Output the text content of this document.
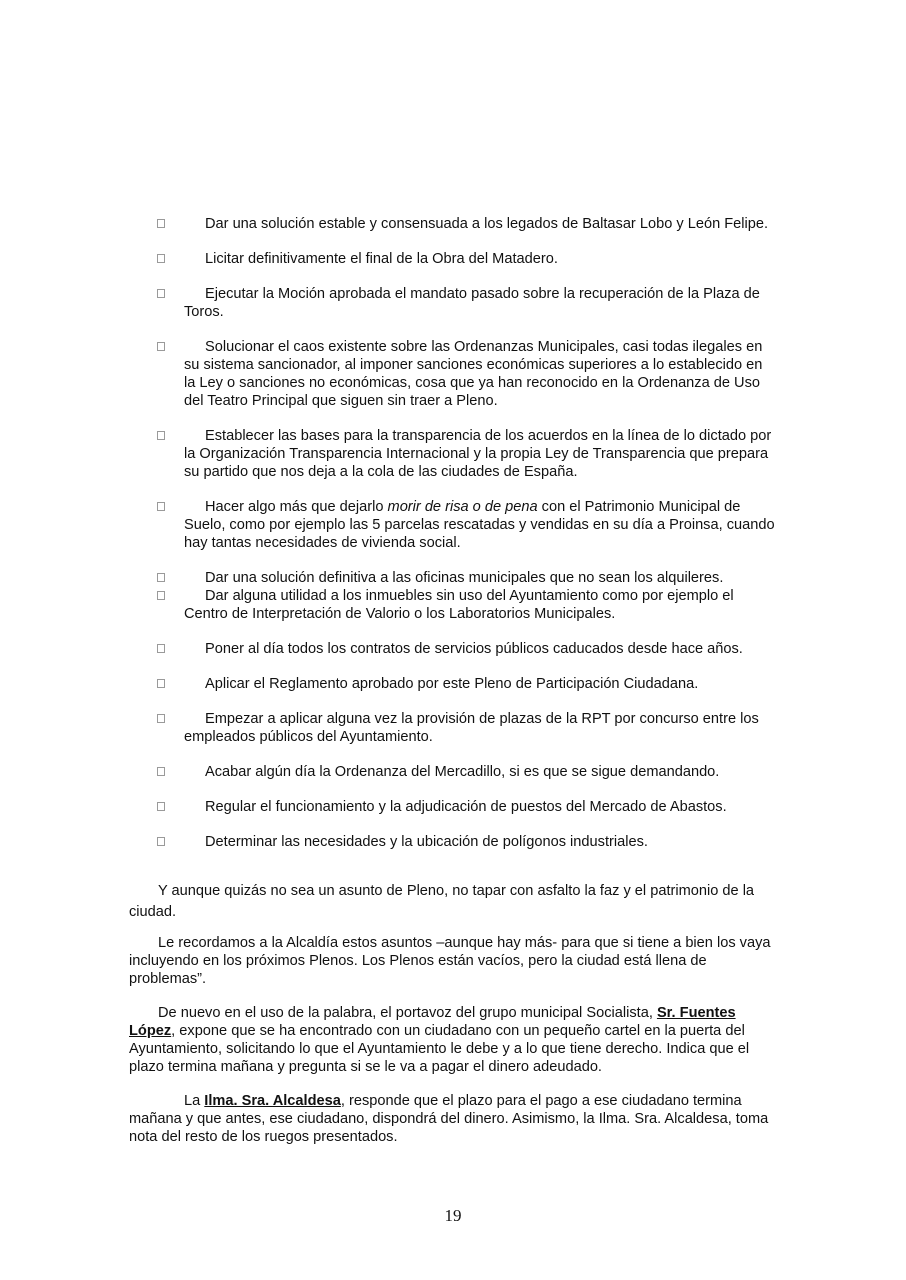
Dar una solución estable y consensuada a los legados de Baltasar Lobo y León Felipe.
Licitar definitivamente el final de la Obra del Matadero.
Ejecutar la Moción aprobada el mandato pasado sobre la recuperación de la Plaza de Toros.
Solucionar el caos existente sobre las Ordenanzas Municipales, casi todas ilegales en su sistema sancionador, al imponer sanciones económicas superiores a lo establecido en la Ley o sanciones no económicas, cosa que ya han reconocido en la Ordenanza de Uso del Teatro Principal que siguen sin traer a Pleno.
Establecer las bases para la transparencia de los acuerdos en la línea de lo dictado por la Organización Transparencia Internacional y la propia Ley de Transparencia que prepara su partido que nos deja a la cola de las ciudades de España.
Hacer algo más que dejarlo morir de risa o de pena con el Patrimonio Municipal de Suelo, como por ejemplo las 5 parcelas rescatadas y vendidas en su día a Proinsa, cuando hay tantas necesidades de vivienda social.
Dar una solución definitiva a las oficinas municipales que no sean los alquileres.
Dar alguna utilidad a los inmuebles sin uso del Ayuntamiento como por ejemplo el Centro de Interpretación de Valorio o los Laboratorios Municipales.
Poner al día todos los contratos de servicios públicos caducados desde hace años.
Aplicar el Reglamento aprobado por este Pleno de Participación Ciudadana.
Empezar a aplicar alguna vez la provisión de plazas de la RPT por concurso entre los empleados públicos del Ayuntamiento.
Acabar algún día la Ordenanza del Mercadillo, si es que se sigue demandando.
Regular el funcionamiento y la adjudicación de puestos del Mercado de Abastos.
Determinar las necesidades y la ubicación de polígonos industriales.
Y aunque quizás no sea un asunto de Pleno, no tapar con asfalto la faz y el patrimonio de la ciudad.
Le recordamos a la Alcaldía estos asuntos –aunque hay más- para que si tiene a bien los vaya incluyendo en los próximos Plenos. Los Plenos están vacíos, pero la ciudad está llena de problemas”.
De nuevo en el uso de la palabra, el portavoz del grupo municipal Socialista, Sr. Fuentes López, expone que se ha encontrado con un ciudadano con un pequeño cartel en la puerta del Ayuntamiento, solicitando lo que el Ayuntamiento le debe y a lo que tiene derecho. Indica que el plazo termina mañana y pregunta si se le va a pagar el dinero adeudado.
La Ilma. Sra. Alcaldesa, responde que el plazo para el pago a ese ciudadano termina mañana y que antes, ese ciudadano, dispondrá del dinero. Asimismo, la Ilma. Sra. Alcaldesa, toma nota del resto de los ruegos presentados.
19
